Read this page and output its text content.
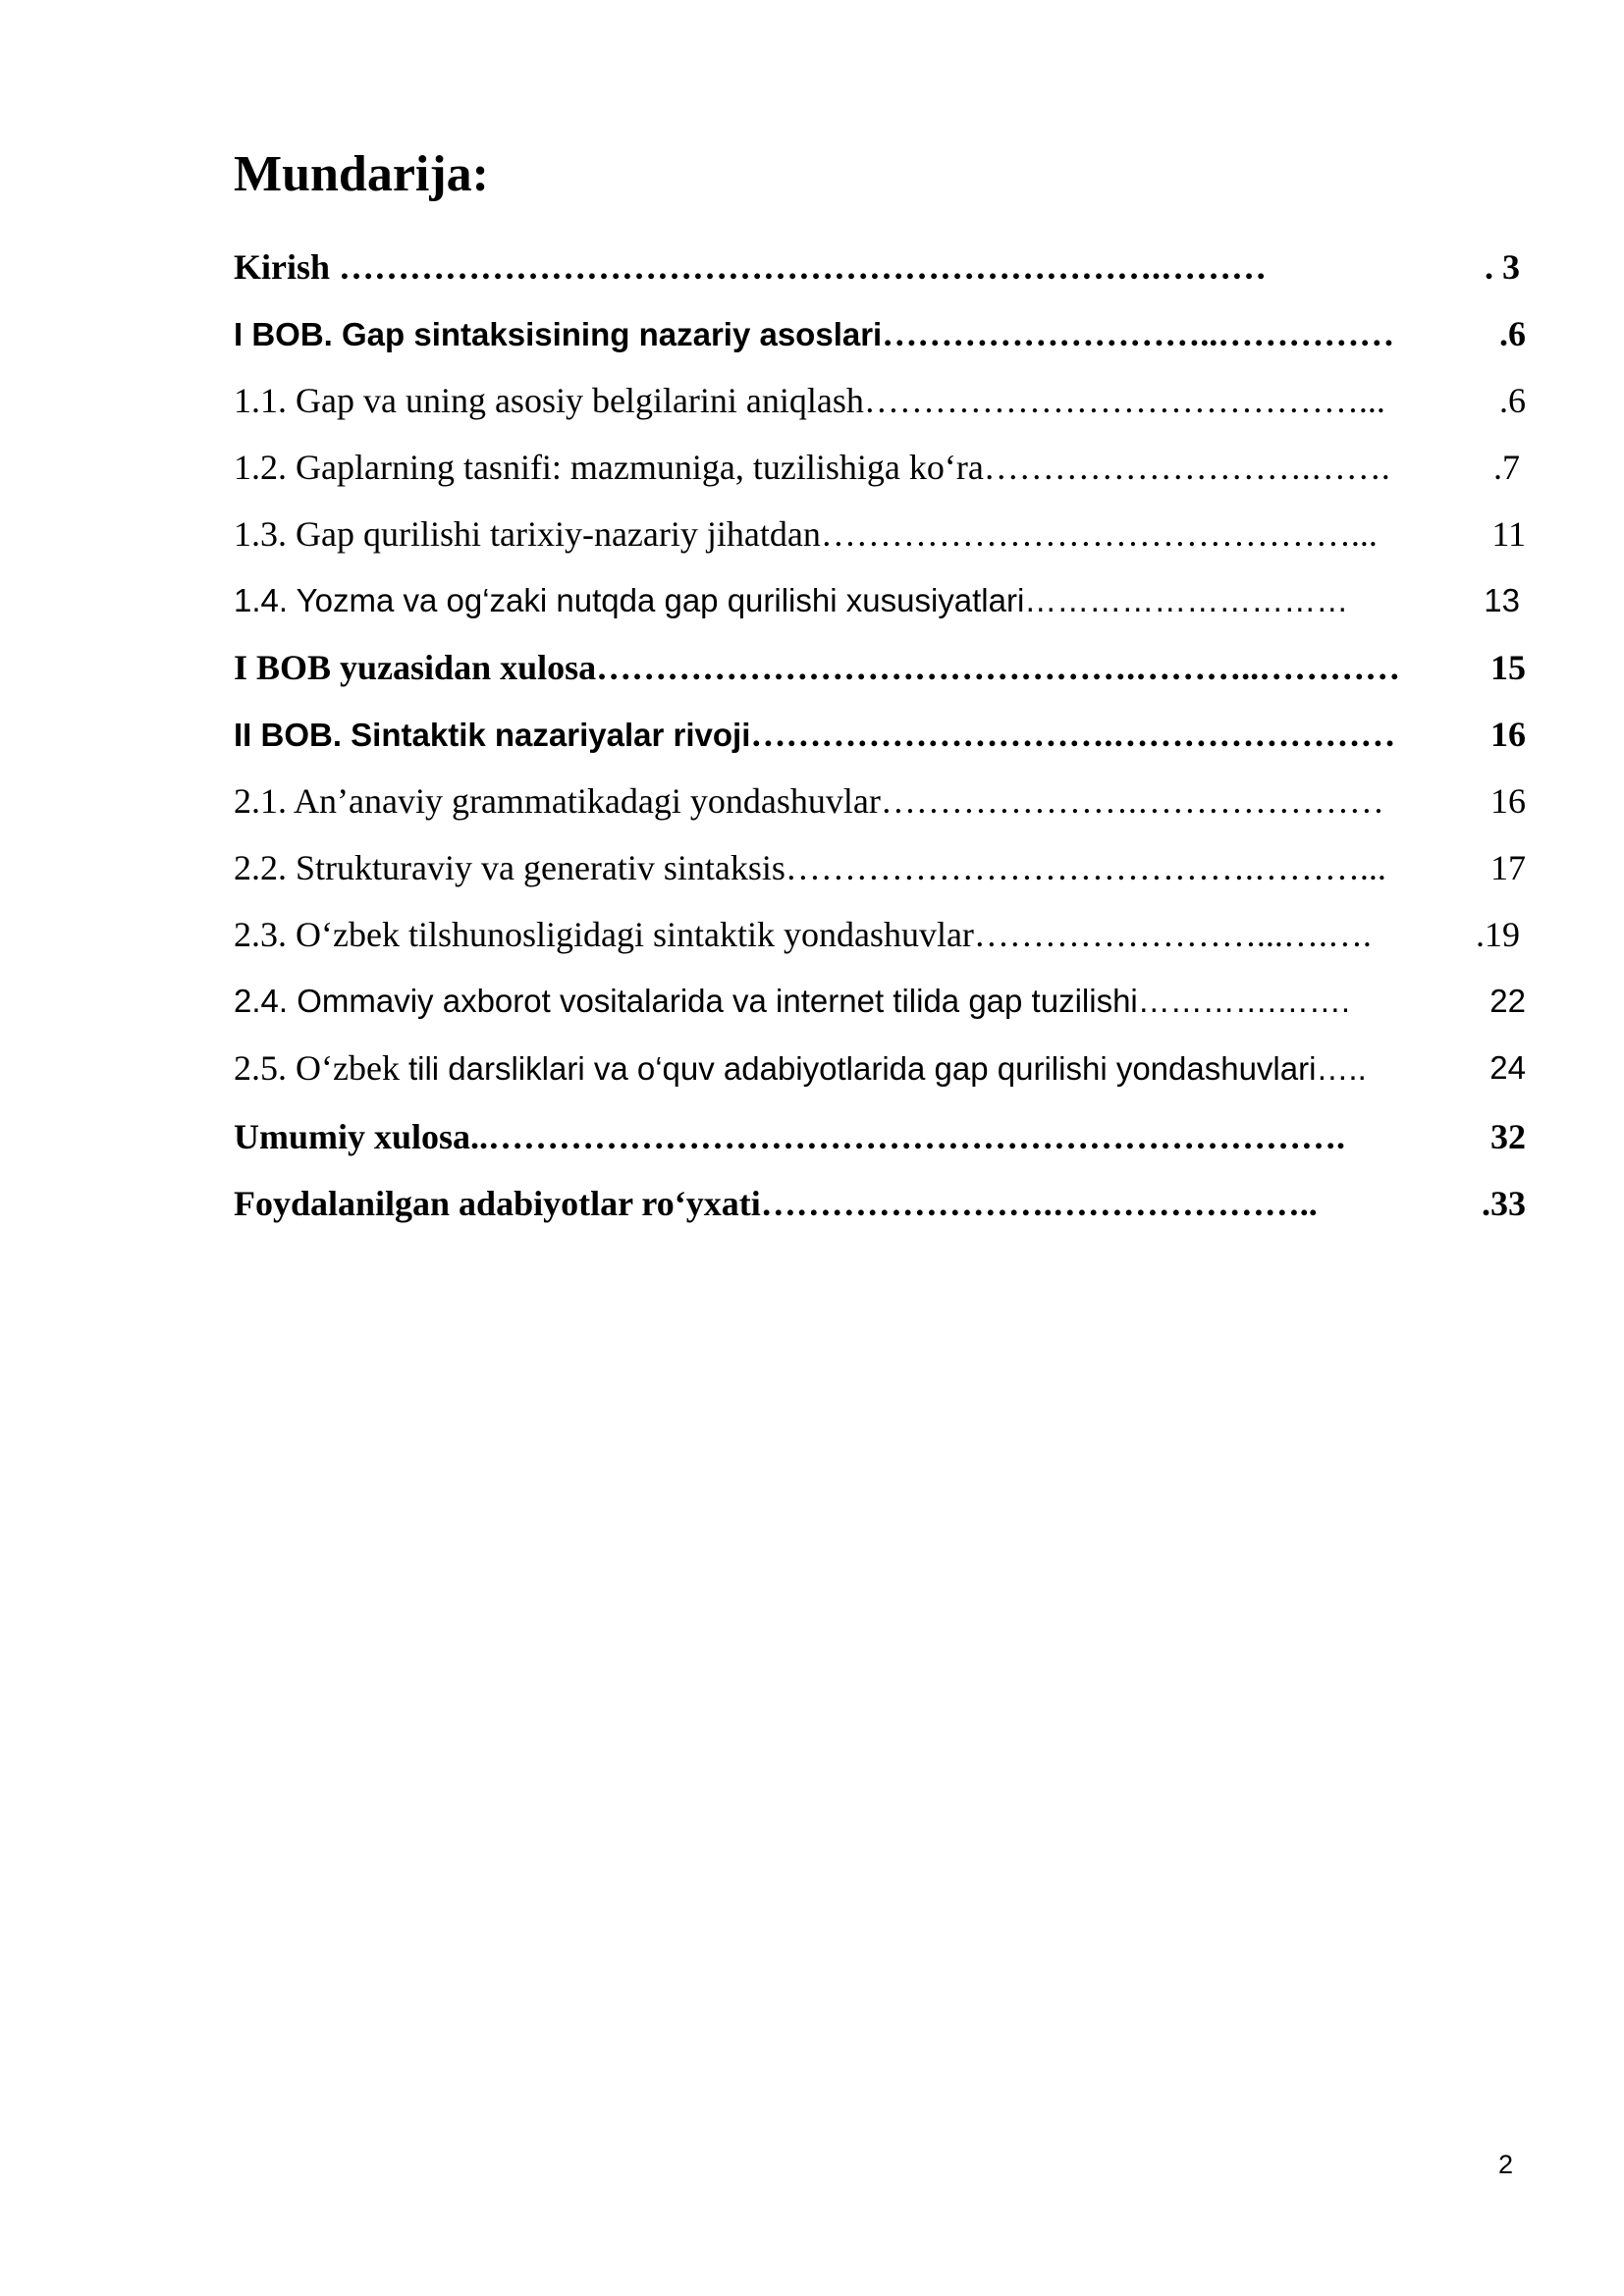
Mundarija:
Kirish …………………………………………………………….………	. 3
I BOB. Gap sintaksisining nazariy asoslari………………………..……………	.6
1.1. Gap va uning asosiy belgilarini aniqlash……………………………………...	.6
1.2. Gaplarning tasnifi: mazmuniga, tuzilishiga ko‘ra……………………….…….	.7
1.3. Gap qurilishi tarixiy-nazariy jihatdan………………………………………...	11
1.4. Yozma va og‘zaki nutqda gap qurilishi xususiyatlari…………………………	13
I BOB yuzasidan xulosa……………………………………….………..…………	15
II BOB. Sintaktik nazariyalar rivoji………………………….……………………	16
2.1. An’anaviy grammatikadagi yondashuvlar………………….…………………	16
2.2. Strukturaviy va generativ sintaksis………………………………….………...	17
2.3. O‘zbek tilshunosligidagi sintaktik yondashuvlar……………………...….….	.19
2.4. Ommaviy axborot vositalarida va internet tilida gap tuzilishi………….…….	22
2.5. O‘zbek tili darsliklari va o‘quv adabiyotlarida gap qurilishi yondashuvlari…..	24
Umumiy xulosa..……………………………………………………………….	32
Foydalanilgan adabiyotlar ro‘yxati…………………….…………………..	.33
2
